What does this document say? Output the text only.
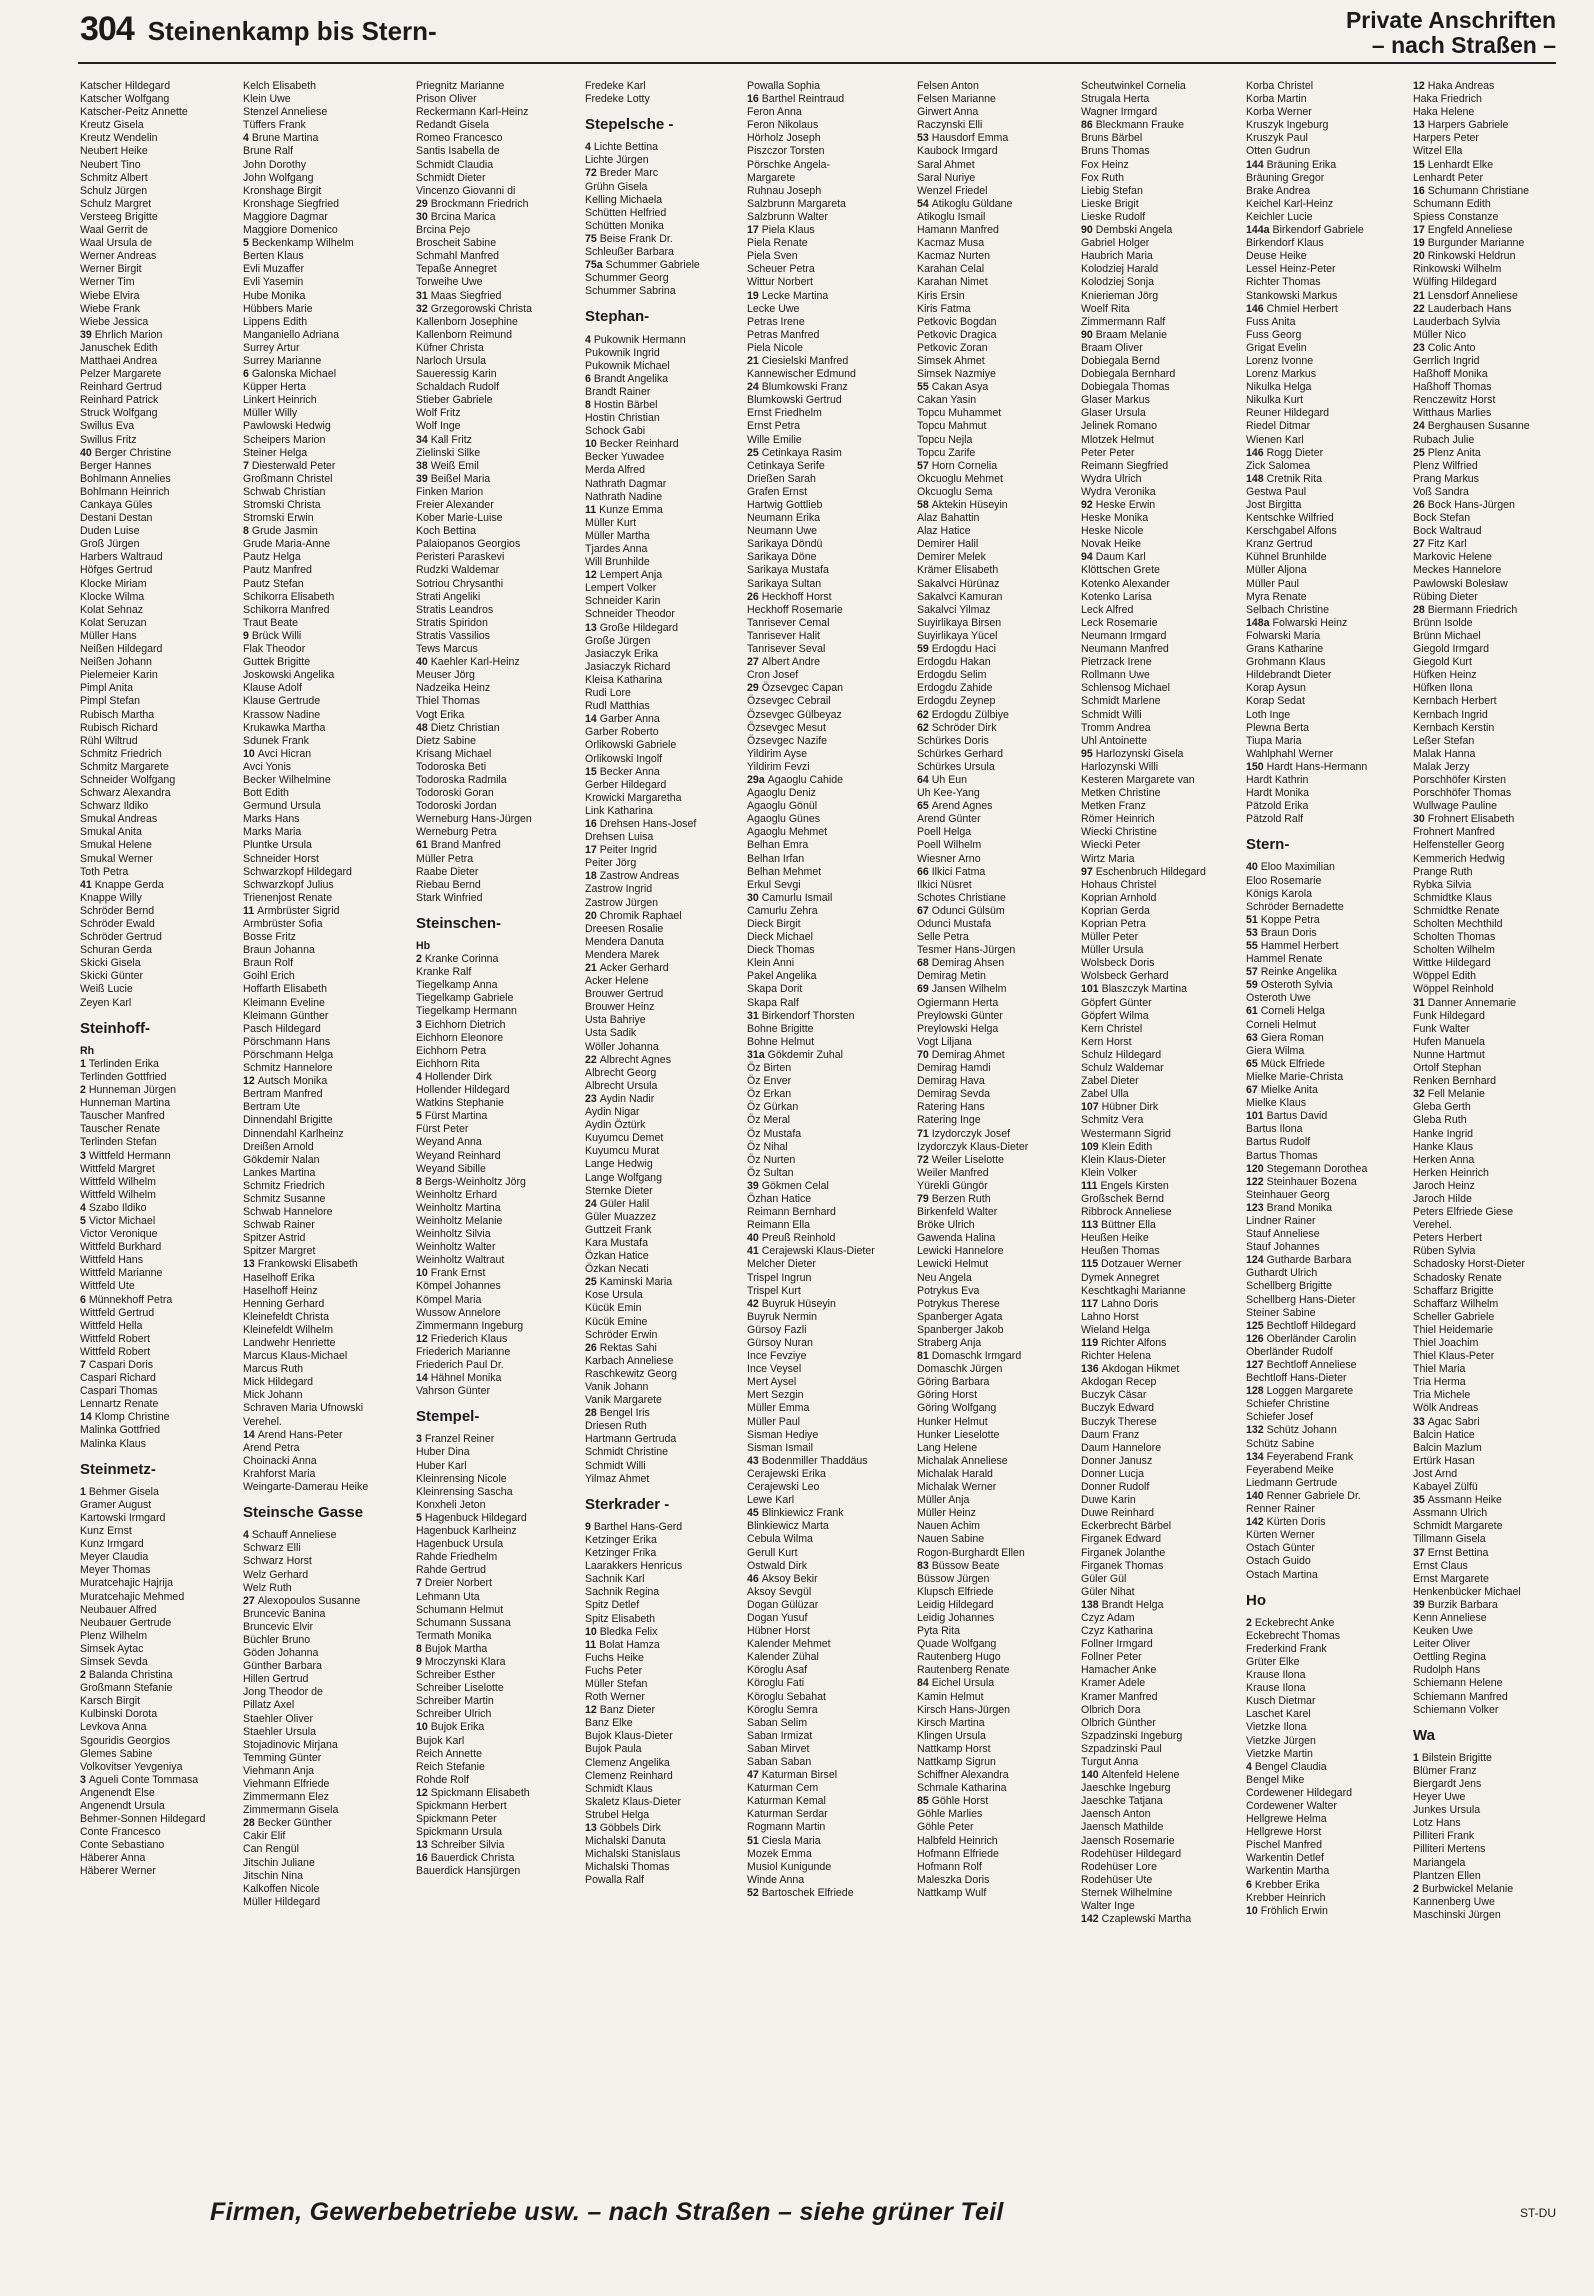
304 Steinenkamp bis Stern-	Private Anschriften
– nach Straßen –
Katscher Hildegard
Katscher Wolfgang
Katscher-Peitz Annette
Kreutz Gisela
Kreutz Wendelin
Neubert Heike
Neubert Tino
Schmitz Albert
Schulz Jürgen
Schulz Margret
Versteeg Brigitte
Waal Gerrit de
Waal Ursula de
Werner Andreas
Werner Birgit
Werner Tim
Wiebe Elvira
Wiebe Frank
Wiebe Jessica
39 Ehrlich Marion
Januschek Edith
Matthaei Andrea
Pelzer Margarete
Reinhard Gertrud
Reinhard Patrick
Struck Wolfgang
Swillus Eva
Swillus Fritz
40 Berger Christine
Berger Hannes
Bohlmann Annelies
Bohlmann Heinrich
Cankaya Güles
Destani Destan
Duden Luise
Groß Jürgen
Harbers Waltraud
Höfges Gertrud
Klocke Miriam
Klocke Wilma
Kolat Sehnaz
Kolat Seruzan
Müller Hans
Neißen Hildegard
Neißen Johann
Pielemeier Karin
Pimpl Anita
Pimpl Stefan
Rubisch Martha
Rubisch Richard
Rühl Wiltrud
Schmitz Friedrich
Schmitz Margarete
Schneider Wolfgang
Schwarz Alexandra
Schwarz Ildiko
Smukal Andreas
Smukal Anita
Smukal Helene
Smukal Werner
Toth Petra
41 Knappe Gerda
Knappe Willy
Schröder Bernd
Schröder Ewald
Schröder Gertrud
Schuran Gerda
Skicki Gisela
Skicki Günter
Weiß Lucie
Zeyen Karl
Steinhoff-
Rh
1 Terlinden Erika
Terlinden Gottfried
2 Hunneman Jürgen
Hunneman Martina
Tauscher Manfred
Tauscher Renate
Terlinden Stefan
3 Wittfeld Hermann
Wittfeld Margret
Wittfeld Wilhelm
Wittfeld Wilhelm
4 Szabo Ildiko
5 Victor Michael
Victor Veronique
Wittfeld Burkhard
Wittfeld Hans
Wittfeld Marianne
Wittfeld Ute
6 Münnekhoff Petra
Wittfeld Gertrud
Wittfeld Hella
Wittfeld Robert
Wittfeld Robert
7 Caspari Doris
Caspari Richard
Caspari Thomas
Lennartz Renate
14 Klomp Christine
Malinka Gottfried
Malinka Klaus
Steinmetz-
1 Behmer Gisela
Gramer August
Kartowski Irmgard
Kunz Ernst
Kunz Irmgard
Meyer Claudia
Meyer Thomas
Muratcehajic Hajrija
Muratcehajic Mehmed
Neubauer Alfred
Neubauer Gertrude
Plenz Wilhelm
Simsek Aytac
Simsek Sevda
2 Balanda Christina
Großmann Stefanie
Karsch Birgit
Kulbinski Dorota
Levkova Anna
Sgouridis Georgios
Glemes Sabine
Volkovitser Yevgeniya
3 Agueli Conte Tommasa
Angenendt Else
Angenendt Ursula
Behmer-Sonnen Hildegard
Conte Francesco
Conte Sebastiano
Häberer Anna
Häberer Werner
Kelch Elisabeth
Klein Uwe
Stenzel Anneliese
Tüffers Frank
4 Brune Martina
Brune Ralf
John Dorothy
John Wolfgang
Kronshage Birgit
Kronshage Siegfried
Maggiore Dagmar
Maggiore Domenico
5 Beckenkamp Wilhelm
Berten Klaus
Evli Muzaffer
Evli Yasemin
Hube Monika
Hübbers Marie
Lippens Edith
Manganiello Adriana
Surrey Artur
Surrey Marianne
6 Galonska Michael
Küpper Herta
Linkert Heinrich
Müller Willy
Pawlowski Hedwig
Scheipers Marion
Steiner Helga
7 Diesterwald Peter
Großmann Christel
Schwab Christian
Stromski Christa
Stromski Erwin
8 Grude Jasmin
Grude Maria-Anne
Pautz Helga
Pautz Manfred
Pautz Stefan
Schikorra Elisabeth
Schikorra Manfred
Traut Beate
9 Brück Willi
Flak Theodor
Guttek Brigitte
Joskowski Angelika
Klause Adolf
Klause Gertrude
Krassow Nadine
Krukawka Martha
Sdunek Frank
10 Avci Hicran
Avci Yonis
Becker Wilhelmine
Bott Edith
Germund Ursula
Marks Hans
Marks Maria
Pluntke Ursula
Schneider Horst
Schwarzkopf Hildegard
Schwarzkopf Julius
Trienenjost Renate
11 Armbrüster Sigrid
Armbrüster Sofia
Bosse Fritz
Braun Johanna
Braun Rolf
Goihl Erich
Hoffarth Elisabeth
Kleimann Eveline
Kleimann Günther
Pasch Hildegard
Pörschmann Hans
Pörschmann Helga
Schmitz Hannelore
12 Autsch Monika
Bertram Manfred
Bertram Ute
Dinnendahl Brigitte
Dinnendahl Karlheinz
Dreißen Arnold
Gökdemir Nalan
Lankes Martina
Schmitz Friedrich
Schmitz Susanne
Schwab Hannelore
Schwab Rainer
Spitzer Astrid
Spitzer Margret
13 Frankowski Elisabeth
Haselhoff Erika
Haselhoff Heinz
Henning Gerhard
Kleinefeldt Christa
Kleinefeldt Wilhelm
Landwehr Henriette
Marcus Klaus-Michael
Marcus Ruth
Mick Hildegard
Mick Johann
Schraven Maria Ufnowski
Verehel.
14 Arend Hans-Peter
Arend Petra
Choinacki Anna
Krahforst Maria
Weingarte-Damerau Heike
Steinsche Gasse
4 Schauff Anneliese
Schwarz Elli
Schwarz Horst
Welz Gerhard
Welz Ruth
27 Alexopoulos Susanne
Bruncevic Banina
Bruncevic Elvir
Büchler Bruno
Göden Johanna
Günther Barbara
Hillen Gertrud
Jong Theodor de
Pillatz Axel
Staehler Oliver
Staehler Ursula
Stojadinovic Mirjana
Temming Günter
Viehmann Anja
Viehmann Elfriede
Zimmermann Elez
Zimmermann Gisela
28 Becker Günther
Cakir Elif
Can Rengül
Jitschin Juliane
Jitschin Nina
Kalkoffen Nicole
Müller Hildegard
Priegnitz Marianne
Prison Oliver
Reckermann Karl-Heinz
Redandt Gisela
Romeo Francesco
Santis Isabella de
Schmidt Claudia
Schmidt Dieter
Vincenzo Giovanni di
29 Brockmann Friedrich
30 Brcina Marica
Brcina Pejo
Broscheit Sabine
Schmahl Manfred
Tepaße Annegret
Torweihe Uwe
31 Maas Siegfried
32 Grzegorowski Christa
Kallenborn Josephine
Kallenborn Reimund
Küfner Christa
Narloch Ursula
Saueressig Karin
Schaldach Rudolf
Stieber Gabriele
Wolf Fritz
Wolf Inge
34 Kall Fritz
Zielinski Silke
38 Weiß Emil
39 Beißel Maria
Finken Marion
Freier Alexander
Kober Marie-Luise
Koch Bettina
Palaiopanos Georgios
Peristeri Paraskevi
Rudzki Waldemar
Sotriou Chrysanthi
Strati Angeliki
Stratis Leandros
Stratis Spiridon
Stratis Vassilios
Tews Marcus
40 Kaehler Karl-Heinz
Meuser Jörg
Nadzeika Heinz
Thiel Thomas
Vogt Erika
48 Dietz Christian
Dietz Sabine
Krisang Michael
Todoroska Beti
Todoroska Radmila
Todoroski Goran
Todoroski Jordan
Werneburg Hans-Jürgen
Werneburg Petra
61 Brand Manfred
Müller Petra
Raabe Dieter
Riebau Bernd
Stark Winfried
Steinschen-
Hb
2 Kranke Corinna
Kranke Ralf
Tiegelkamp Anna
Tiegelkamp Gabriele
Tiegelkamp Hermann
3 Eichhorn Dietrich
Eichhorn Eleonore
Eichhorn Petra
Eichhorn Rita
4 Hollender Dirk
Hollender Hildegard
Watkins Stephanie
5 Fürst Martina
Fürst Peter
Weyand Anna
Weyand Reinhard
Weyand Sibille
8 Bergs-Weinholtz Jörg
Weinholtz Erhard
Weinholtz Martina
Weinholtz Melanie
Weinholtz Silvia
Weinholtz Walter
Weinholtz Waltraut
10 Frank Ernst
Kömpel Johannes
Kömpel Maria
Wussow Annelore
Zimmermann Ingeburg
12 Friederich Klaus
Friederich Marianne
Friederich Paul Dr.
14 Hähnel Monika
Vahrson Günter
Stempel-
3 Franzel Reiner
Huber Dina
Huber Karl
Kleinrensing Nicole
Kleinrensing Sascha
Konxheli Jeton
5 Hagenbuck Hildegard
Hagenbuck Karlheinz
Hagenbuck Ursula
Rahde Friedhelm
Rahde Gertrud
7 Dreier Norbert
Lehmann Uta
Schumann Helmut
Schumann Sussana
Termath Monika
8 Bujok Martha
9 Mroczynski Klara
Schreiber Esther
Schreiber Liselotte
Schreiber Martin
Schreiber Ulrich
10 Bujok Erika
Bujok Karl
Reich Annette
Reich Stefanie
Rohde Rolf
12 Spickmann Elisabeth
Spickmann Herbert
Spickmann Peter
Spickmann Ursula
13 Schreiber Silvia
16 Bauerdick Christa
Bauerdick Hansjürgen
Fredeke Karl
Fredeke Lotty
Stepelsche -
4 Lichte Bettina
Lichte Jürgen
72 Breder Marc
Grühn Gisela
Kelling Michaela
Schütten Helfried
Schütten Monika
75 Beise Frank Dr.
Schleußer Barbara
75a Schummer Gabriele
Schummer Georg
Schummer Sabrina
Stephan-
4 Pukownik Hermann
Pukownik Ingrid
Pukownik Michael
6 Brandt Angelika
Brandt Rainer
8 Hostin Bärbel
Hostin Christian
Schock Gabi
10 Becker Reinhard
Becker Yuwadee
Merda Alfred
Nathrath Dagmar
Nathrath Nadine
11 Kunze Emma
Müller Kurt
Müller Martha
Tjardes Anna
Will Brunhilde
12 Lempert Anja
Lempert Volker
Schneider Karin
Schneider Theodor
13 Große Hildegard
Große Jürgen
Jasiaczyk Erika
Jasiaczyk Richard
Kleisa Katharina
Rudi Lore
Rudl Matthias
14 Garber Anna
Garber Roberto
Orlikowski Gabriele
Orlikowski Ingolf
15 Becker Anna
Gerber Hildegard
Krowicki Margaretha
Link Katharina
16 Drehsen Hans-Josef
Drehsen Luisa
17 Peiter Ingrid
Peiter Jörg
18 Zastrow Andreas
Zastrow Ingrid
Zastrow Jürgen
20 Chromik Raphael
Dreesen Rosalie
Mendera Danuta
Mendera Marek
21 Acker Gerhard
Acker Helene
Brouwer Gertrud
Brouwer Heinz
Usta Bahriye
Usta Sadik
Wöller Johanna
22 Albrecht Agnes
Albrecht Georg
Albrecht Ursula
23 Aydin Nadir
Aydin Nigar
Aydin Öztürk
Kuyumcu Demet
Kuyumcu Murat
Lange Hedwig
Lange Wolfgang
Sternke Dieter
24 Güler Halil
Güler Muazzez
Guttzeit Frank
Kara Mustafa
Özkan Hatice
Özkan Necati
25 Kaminski Maria
Kose Ursula
Kücük Emin
Kücük Emine
Schröder Erwin
26 Rektas Sahi
Karbach Anneliese
Raschkewitz Georg
Vanik Johann
Vanik Margarete
28 Bengel Iris
Driesen Ruth
Hartmann Gertruda
Schmidt Christine
Schmidt Willi
Yilmaz Ahmet
Sterkrader -
9 Barthel Hans-Gerd
Ketzinger Erika
Ketzinger Frika
Laarakkers Henricus
Sachnik Karl
Sachnik Regina
Spitz Detlef
Spitz Elisabeth
10 Bledka Felix
11 Bolat Hamza
Fuchs Heike
Fuchs Peter
Müller Stefan
Roth Werner
12 Banz Dieter
Banz Elke
Bujok Klaus-Dieter
Bujok Paula
Clemenz Angelika
Clemenz Reinhard
Schmidt Klaus
Skaletz Klaus-Dieter
Strubel Helga
13 Göbbels Dirk
Michalski Danuta
Michalski Stanislaus
Michalski Thomas
Powalla Ralf
Powalla Sophia
16 Barthel Reintraud
Feron Anna
Feron Nikolaus
Hörholz Joseph
Piszczor Torsten
Pörschke Angela-
Margarete
Ruhnau Joseph
Salzbrunn Margareta
Salzbrunn Walter
17 Piela Klaus
Piela Renate
Piela Sven
Scheuer Petra
Wittur Norbert
19 Lecke Martina
Lecke Uwe
Petras Irene
Petras Manfred
Piela Nicole
21 Ciesielski Manfred
Kannewischer Edmund
24 Blumkowski Franz
Blumkowski Gertrud
Ernst Friedhelm
Ernst Petra
Wille Emilie
25 Cetinkaya Rasim
Cetinkaya Serife
Drießen Sarah
Grafen Ernst
Hartwig Gottlieb
Neumann Erika
Neumann Uwe
Sarikaya Döndü
Sarikaya Döne
Sarikaya Mustafa
Sarikaya Sultan
26 Heckhoff Horst
Heckhoff Rosemarie
Tanrisever Cemal
Tanrisever Halit
Tanrisever Seval
27 Albert Andre
Cron Josef
29 Özsevgec Capan
Özsevgec Cebrail
Özsevgec Gülbeyaz
Özsevgec Mesut
Özsevgec Nazife
Yildirim Ayse
Yildirim Fevzi
29a Agaoglu Cahide
Agaoglu Deniz
Agaoglu Gönül
Agaoglu Günes
Agaoglu Mehmet
Belhan Emra
Belhan Irfan
Belhan Mehmet
Erkul Sevgi
30 Camurlu Ismail
Camurlu Zehra
Dieck Birgit
Dieck Michael
Dieck Thomas
Klein Anni
Pakel Angelika
Skapa Dorit
Skapa Ralf
31 Birkendorf Thorsten
Bohne Brigitte
Bohne Helmut
31a Gökdemir Zuhal
Öz Birten
Öz Enver
Öz Erkan
Öz Gürkan
Öz Meral
Öz Mustafa
Öz Nihal
Öz Nurten
Öz Sultan
39 Gökmen Celal
Özhan Hatice
Reimann Bernhard
Reimann Ella
40 Preuß Reinhold
41 Cerajewski Klaus-Dieter
Melcher Dieter
Trispel Ingrun
Trispel Kurt
42 Buyruk Hüseyin
Buyruk Nermin
Gürsoy Fazli
Gürsoy Nuran
Ince Fevziye
Ince Veysel
Mert Aysel
Mert Sezgin
Müller Emma
Müller Paul
Sisman Hediye
Sisman Ismail
43 Bodenmiller Thaddäus
Cerajewski Erika
Cerajewski Leo
Lewe Karl
45 Blinkiewicz Frank
Blinkiewicz Marta
Cebula Wilma
Gerull Kurt
Ostwald Dirk
46 Aksoy Bekir
Aksoy Sevgül
Dogan Gülüzar
Dogan Yusuf
Hübner Horst
Kalender Mehmet
Kalender Zühal
Köroglu Asaf
Köroglu Fati
Köroglu Sebahat
Köroglu Semra
Saban Selim
Saban Irmizat
Saban Mirvet
Saban Saban
47 Katurman Birsel
Katurman Cem
Katurman Kemal
Katurman Serdar
Rogmann Martin
51 Ciesla Maria
Mozek Emma
Musiol Kunigunde
Winde Anna
52 Bartoschek Elfriede
Felsen Anton
Felsen Marianne
Girwert Anna
Raczynski Elli
53 Hausdorf Emma
Kaubock Irmgard
Saral Ahmet
Saral Nuriye
Wenzel Friedel
54 Atikoglu Güldane
Atikoglu Ismail
Hamann Manfred
Kacmaz Musa
Kacmaz Nurten
Karahan Celal
Karahan Nimet
Kiris Ersin
Kiris Fatma
Petkovic Bogdan
Petkovic Dragica
Petkovic Zoran
Simsek Ahmet
Simsek Nazmiye
55 Cakan Asya
Cakan Yasin
Topcu Muhammet
Topcu Mahmut
Topcu Nejla
Topcu Zarife
57 Horn Cornelia
Okcuoglu Mehmet
Okcuoglu Sema
58 Aktekin Hüseyin
Alaz Bahattin
Alaz Hatice
Demirer Halil
Demirer Melek
Krämer Elisabeth
Sakalvci Hürünaz
Sakalvci Kamuran
Sakalvci Yilmaz
Suyirlikaya Birsen
Suyirlikaya Yücel
59 Erdogdu Haci
Erdogdu Hakan
Erdogdu Selim
Erdogdu Zahide
Erdogdu Zeynep
62 Erdogdu Zülbiye
62 Schröder Dirk
Schürkes Doris
Schürkes Gerhard
Schürkes Ursula
64 Uh Eun
Uh Kee-Yang
65 Arend Agnes
Arend Günter
Poell Helga
Poell Wilhelm
Wiesner Arno
66 Ilkici Fatma
Ilkici Nüsret
Schotes Christiane
67 Odunci Gülsüm
Odunci Mustafa
Selle Petra
Tesmer Hans-Jürgen
68 Demirag Ahsen
Demirag Metin
69 Jansen Wilhelm
Ogiermann Herta
Preylowski Günter
Preylowski Helga
Vogt Liljana
70 Demirag Ahmet
Demirag Hamdi
Demirag Hava
Demirag Sevda
Ratering Hans
Ratering Inge
71 Izydorczyk Josef
Izydorczyk Klaus-Dieter
72 Weiler Liselotte
Weiler Manfred
Yürekli Güngör
79 Berzen Ruth
Birkenfeld Walter
Bröke Ulrich
Gawenda Halina
Lewicki Hannelore
Lewicki Helmut
Neu Angela
Potrykus Eva
Potrykus Therese
Spanberger Agata
Spanberger Jakob
Straberg Anja
81 Domaschk Irmgard
Domaschk Jürgen
Göring Barbara
Göring Horst
Göring Wolfgang
Hunker Helmut
Hunker Lieselotte
Lang Helene
Michalak Anneliese
Michalak Harald
Michalak Werner
Müller Anja
Müller Heinz
Nauen Achim
Nauen Sabine
Rogon-Burghardt Ellen
83 Büssow Beate
Büssow Jürgen
Klupsch Elfriede
Leidig Hildegard
Leidig Johannes
Pyta Rita
Quade Wolfgang
Rautenberg Hugo
Rautenberg Renate
84 Eichel Ursula
Kamin Helmut
Kirsch Hans-Jürgen
Kirsch Martina
Klingen Ursula
Nattkamp Horst
Nattkamp Sigrun
Schiffner Alexandra
Schmale Katharina
85 Göhle Horst
Göhle Marlies
Göhle Peter
Halbfeld Heinrich
Hofmann Elfriede
Hofmann Rolf
Maleszka Doris
Nattkamp Wulf
Scheutwinkel Cornelia
Strugala Herta
Wagner Irmgard
86 Bleckmann Frauke
Bruns Bärbel
Bruns Thomas
Fox Heinz
Fox Ruth
Liebig Stefan
Lieske Brigit
Lieske Rudolf
90 Dembski Angela
Gabriel Holger
Haubrich Maria
Kolodziej Harald
Kolodziej Sonja
Knierieman Jörg
Woelf Rita
Zimmermann Ralf
90 Braam Melanie
Braam Oliver
Dobiegala Bernd
Dobiegala Bernhard
Dobiegala Thomas
Glaser Markus
Glaser Ursula
Jelinek Romano
Mlotzek Helmut
Peter Peter
Reimann Siegfried
Wydra Ulrich
Wydra Veronika
92 Heske Erwin
Heske Monika
Heske Nicole
Novak Heike
94 Daum Karl
Klöttschen Grete
Kotenko Alexander
Kotenko Larisa
Leck Alfred
Leck Rosemarie
Neumann Irmgard
Neumann Manfred
Pietrzack Irene
Rollmann Uwe
Schlensog Michael
Schmidt Marlene
Schmidt Willi
Tromm Andrea
Uhl Antoinette
95 Harlozynski Gisela
Harlozynski Willi
Kesteren Margarete van
Metken Christine
Metken Franz
Römer Heinrich
Wiecki Christine
Wiecki Peter
Wirtz Maria
97 Eschenbruch Hildegard
Hohaus Christel
Koprian Arnhold
Koprian Gerda
Koprian Petra
Müller Peter
Müller Ursula
Wolsbeck Doris
Wolsbeck Gerhard
101 Blaszczyk Martina
Göpfert Günter
Göpfert Wilma
Kern Christel
Kern Horst
Schulz Hildegard
Schulz Waldemar
Zabel Dieter
Zabel Ulla
107 Hübner Dirk
Schmitz Vera
Westermann Sigrid
109 Klein Edith
Klein Klaus-Dieter
Klein Volker
111 Engels Kirsten
Großschek Bernd
Ribbrock Anneliese
113 Büttner Ella
Heußen Heike
Heußen Thomas
115 Dotzauer Werner
Dymek Annegret
Keschtkaghi Marianne
117 Lahno Doris
Lahno Horst
Wieland Helga
119 Richter Alfons
Richter Helena
136 Akdogan Hikmet
Akdogan Recep
Buczyk Cäsar
Buczyk Edward
Buczyk Therese
Daum Franz
Daum Hannelore
Donner Janusz
Donner Lucja
Donner Rudolf
Duwe Karin
Duwe Reinhard
Eckerbrecht Bärbel
Firganek Edward
Firganek Jolanthe
Firganek Thomas
Güler Gül
Güler Nihat
138 Brandt Helga
Czyz Adam
Czyz Katharina
Follner Irmgard
Follner Peter
Hamacher Anke
Kramer Adele
Kramer Manfred
Olbrich Dora
Olbrich Günther
Szpadzinski Ingeburg
Szpadzinski Paul
Turgut Anna
140 Altenfeld Helene
Jaeschke Ingeburg
Jaeschke Tatjana
Jaensch Anton
Jaensch Mathilde
Jaensch Rosemarie
Rodehüser Hildegard
Rodehüser Lore
Rodehüser Ute
Sternek Wilhelmine
Walter Inge
142 Czaplewski Martha
Korba Christel
Korba Martin
Korba Werner
Kruszyk Ingeburg
Kruszyk Paul
Otten Gudrun
144 Bräuning Erika
Bräuning Gregor
Brake Andrea
Keichel Karl-Heinz
Keichler Lucie
144a Birkendorf Gabriele
Birkendorf Klaus
Deuse Heike
Lessel Heinz-Peter
Richter Thomas
Stankowski Markus
146 Chmiel Herbert
Fuss Anita
Fuss Georg
Grigat Evelin
Lorenz Ivonne
Lorenz Markus
Nikulka Helga
Nikulka Kurt
Reuner Hildegard
Riedel Ditmar
Wienen Karl
146 Rogg Dieter
Zick Salomea
148 Cretnik Rita
Gestwa Paul
Jost Birgitta
Kentschke Wilfried
Kerschgabel Alfons
Kranz Gertrud
Kühnel Brunhilde
Müller Aljona
Müller Paul
Myra Renate
Selbach Christine
148a Folwarski Heinz
Folwarski Maria
Grans Katharine
Grohmann Klaus
Hildebrandt Dieter
Korap Aysun
Korap Sedat
Loth Inge
Plewna Berta
Tiupa Maria
Wahlphahl Werner
150 Hardt Hans-Hermann
Hardt Kathrin
Hardt Monika
Pätzold Erika
Pätzold Ralf
Stern-
40 Eloo Maximilian
Eloo Rosemarie
Königs Karola
Schröder Bernadette
51 Koppe Petra
53 Braun Doris
55 Hammel Herbert
Hammel Renate
57 Reinke Angelika
59 Osteroth Sylvia
Osteroth Uwe
61 Corneli Helga
Corneli Helmut
63 Giera Roman
Giera Wilma
65 Mück Elfriede
Mielke Marie-Christa
67 Mielke Anita
Mielke Klaus
101 Bartus David
Bartus Ilona
Bartus Rudolf
Bartus Thomas
120 Stegemann Dorothea
122 Steinhauer Bozena
Steinhauer Georg
123 Brand Monika
Lindner Rainer
Stauf Anneliese
Stauf Johannes
124 Gutharde Barbara
Guthardt Ulrich
Schellberg Brigitte
Schellberg Hans-Dieter
Steiner Sabine
125 Bechtloff Hildegard
126 Oberländer Carolin
Oberländer Rudolf
127 Bechtloff Anneliese
Bechtloff Hans-Dieter
128 Loggen Margarete
Schiefer Christine
Schiefer Josef
132 Schütz Johann
Schütz Sabine
134 Feyerabend Frank
Feyerabend Meike
Liedmann Gertrude
140 Renner Gabriele Dr.
Renner Rainer
142 Kürten Doris
Kürten Werner
Ostach Günter
Ostach Guido
Ostach Martina
Ho
2 Eckebrecht Anke
Eckebrecht Thomas
Frederkind Frank
Grüter Elke
Krause Ilona
Krause Ilona
Kusch Dietmar
Laschet Karel
Vietzke Ilona
Vietzke Jürgen
Vietzke Martin
4 Bengel Claudia
Bengel Mike
Cordewener Hildegard
Cordewener Walter
Hellgrewe Helma
Hellgrewe Horst
Pischel Manfred
Warkentin Detlef
Warkentin Martha
6 Krebber Erika
Krebber Heinrich
10 Fröhlich Erwin
12 Haka Andreas
Haka Friedrich
Haka Helene
13 Harpers Gabriele
Harpers Peter
Witzel Ella
15 Lenhardt Elke
Lenhardt Peter
16 Schumann Christiane
Schumann Edith
Spiess Constanze
17 Engfeld Anneliese
19 Burgunder Marianne
20 Rinkowski Heldrun
Rinkowski Wilhelm
Wülfing Hildegard
21 Lensdorf Anneliese
22 Lauderbach Hans
Lauderbach Sylvia
Müller Nico
23 Colic Anto
Gerrlich Ingrid
Haßhoff Monika
Haßhoff Thomas
Renczewitz Horst
Witthaus Marlies
24 Berghausen Susanne
Rubach Julie
25 Plenz Anita
Plenz Wilfried
Prang Markus
Voß Sandra
26 Bock Hans-Jürgen
Bock Stefan
Bock Waltraud
27 Fitz Karl
Markovic Helene
Meckes Hannelore
Pawlowski Bolesław
Rübing Dieter
28 Biermann Friedrich
Brünn Isolde
Brünn Michael
Giegold Irmgard
Giegold Kurt
Hüfken Heinz
Hüfken Ilona
Kernbach Herbert
Kernbach Ingrid
Kernbach Kerstin
Leßer Stefan
Malak Hanna
Malak Jerzy
Porschhöfer Kirsten
Porschhöfer Thomas
Wullwage Pauline
30 Frohnert Elisabeth
Frohnert Manfred
Helfensteller Georg
Kemmerich Hedwig
Prange Ruth
Rybka Silvia
Schmidtke Klaus
Schmidtke Renate
Scholten Mechthild
Scholten Thomas
Scholten Wilhelm
Wittke Hildegard
Wöppel Edith
Wöppel Reinhold
31 Danner Annemarie
Funk Hildegard
Funk Walter
Hufen Manuela
Nunne Hartmut
Ortolf Stephan
Renken Bernhard
32 Fell Melanie
Gleba Gerth
Gleba Ruth
Hanke Ingrid
Hanke Klaus
Herken Anna
Herken Heinrich
Jaroch Heinz
Jaroch Hilde
Peters Elfriede Giese
Verehel.
Peters Herbert
Rüben Sylvia
Schadosky Horst-Dieter
Schadosky Renate
Schaffarz Brigitte
Schaffarz Wilhelm
Scheller Gabriele
Thiel Heidemarie
Thiel Joachim
Thiel Klaus-Peter
Thiel Maria
Tria Herma
Tria Michele
Wölk Andreas
33 Agac Sabri
Balcin Hatice
Balcin Mazlum
Ertürk Hasan
Jost Arnd
Kabayel Zülfü
35 Assmann Heike
Assmann Ulrich
Schmidt Margarete
Tillmann Gisela
37 Ernst Bettina
Ernst Claus
Ernst Margarete
Henkenbücker Michael
39 Burzik Barbara
Kenn Anneliese
Keuken Uwe
Leiter Oliver
Oettling Regina
Rudolph Hans
Schiemann Helene
Schiemann Manfred
Schiemann Volker
Wa
1 Bilstein Brigitte
Blümer Franz
Biergardt Jens
Heyer Uwe
Junkes Ursula
Lotz Hans
Pilliteri Frank
Pilliteri Mertens
Mariangela
Plantzen Ellen
2 Burbwickel Melanie
Kannenberg Uwe
Maschinski Jürgen
Firmen, Gewerbebetriebe usw. – nach Straßen – siehe grüner Teil	ST-DU
